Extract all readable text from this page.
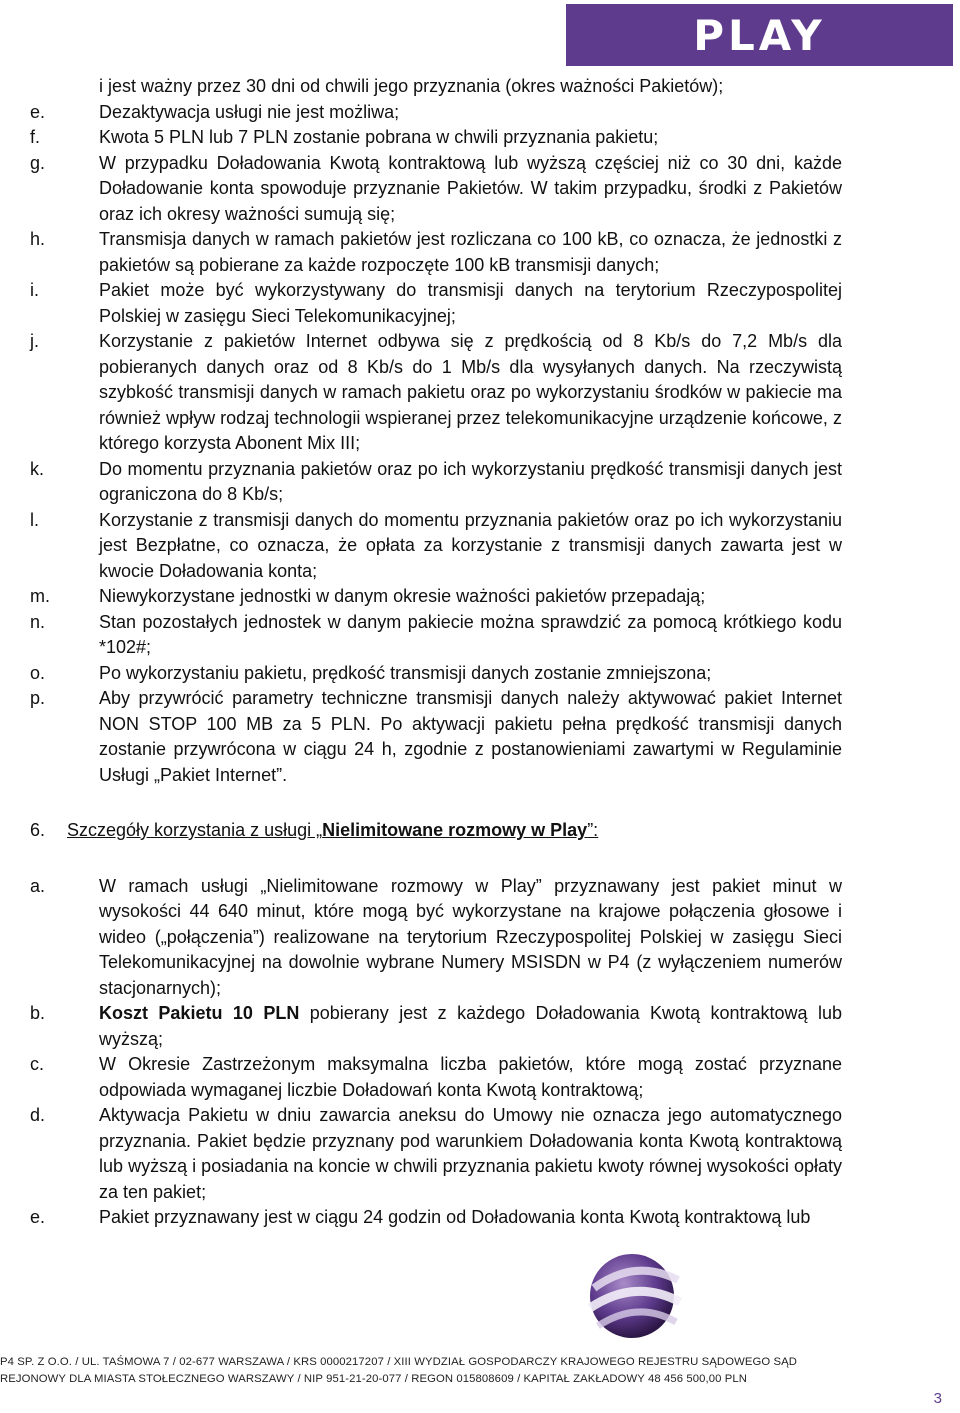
PLAY
i jest ważny przez 30 dni od chwili jego przyznania (okres ważności Pakietów);
e.	Dezaktywacja usługi nie jest możliwa;
f.	Kwota 5 PLN lub 7 PLN zostanie pobrana w chwili przyznania pakietu;
g.	W przypadku Doładowania Kwotą kontraktową lub wyższą częściej niż co 30 dni, każde Doładowanie konta spowoduje przyznanie Pakietów. W takim przypadku, środki z Pakietów oraz ich okresy ważności sumują się;
h.	Transmisja danych w ramach pakietów jest rozliczana co 100 kB, co oznacza, że jednostki z pakietów są pobierane za każde rozpoczęte 100 kB transmisji danych;
i.	Pakiet może być wykorzystywany do transmisji danych na terytorium Rzeczypospolitej Polskiej w zasięgu Sieci Telekomunikacyjnej;
j.	Korzystanie z pakietów Internet odbywa się z prędkością od 8 Kb/s do 7,2 Mb/s dla pobieranych danych oraz od 8 Kb/s do 1 Mb/s dla wysyłanych danych. Na rzeczywistą szybkość transmisji danych w ramach pakietu oraz po wykorzystaniu środków w pakiecie ma również wpływ rodzaj technologii wspieranej przez telekomunikacyjne urządzenie końcowe, z którego korzysta Abonent Mix III;
k.	Do momentu przyznania pakietów oraz po ich wykorzystaniu prędkość transmisji danych jest ograniczona do 8 Kb/s;
l.	Korzystanie z transmisji danych do momentu przyznania pakietów oraz po ich wykorzystaniu jest Bezpłatne, co oznacza, że opłata za korzystanie z transmisji danych zawarta jest w kwocie Doładowania konta;
m.	Niewykorzystane jednostki w danym okresie ważności pakietów przepadają;
n.	Stan pozostałych jednostek w danym pakiecie można sprawdzić za pomocą krótkiego kodu *102#;
o.	Po wykorzystaniu pakietu, prędkość transmisji danych zostanie zmniejszona;
p.	Aby przywrócić parametry techniczne transmisji danych należy aktywować pakiet Internet NON STOP 100 MB za 5 PLN. Po aktywacji pakietu pełna prędkość transmisji danych zostanie przywrócona w ciągu 24 h, zgodnie z postanowieniami zawartymi w Regulaminie Usługi „Pakiet Internet”.
6.	Szczegóły korzystania z usługi „Nielimitowane rozmowy w Play”:
a.	W ramach usługi „Nielimitowane rozmowy w Play” przyznawany jest pakiet minut w wysokości 44 640 minut, które mogą być wykorzystane na krajowe połączenia głosowe i wideo („połączenia”) realizowane na terytorium Rzeczypospolitej Polskiej w zasięgu Sieci Telekomunikacyjnej na dowolnie wybrane Numery MSISDN w P4 (z wyłączeniem numerów stacjonarnych);
b.	Koszt Pakietu 10 PLN pobierany jest z każdego Doładowania Kwotą kontraktową lub wyższą;
c.	W Okresie Zastrzeżonym maksymalna liczba pakietów, które mogą zostać przyznane odpowiada wymaganej liczbie Doładowań konta Kwotą kontraktową;
d.	Aktywacja Pakietu w dniu zawarcia aneksu do Umowy nie oznacza jego automatycznego przyznania. Pakiet będzie przyznany pod warunkiem Doładowania konta Kwotą kontraktową lub wyższą i posiadania na koncie w chwili przyznania pakietu kwoty równej wysokości opłaty za ten pakiet;
e.	Pakiet przyznawany jest w ciągu 24 godzin od Doładowania konta Kwotą kontraktową lub
P4 SP. Z O.O. / UL. TAŚMOWA 7 / 02-677 WARSZAWA / KRS 0000217207 / XIII WYDZIAŁ GOSPODARCZY KRAJOWEGO REJESTRU SĄDOWEGO SĄD
REJONOWY DLA MIASTA STOŁECZNEGO WARSZAWY / NIP 951-21-20-077 / REGON 015808609 / KAPITAŁ ZAKŁADOWY 48 456 500,00 PLN
3
